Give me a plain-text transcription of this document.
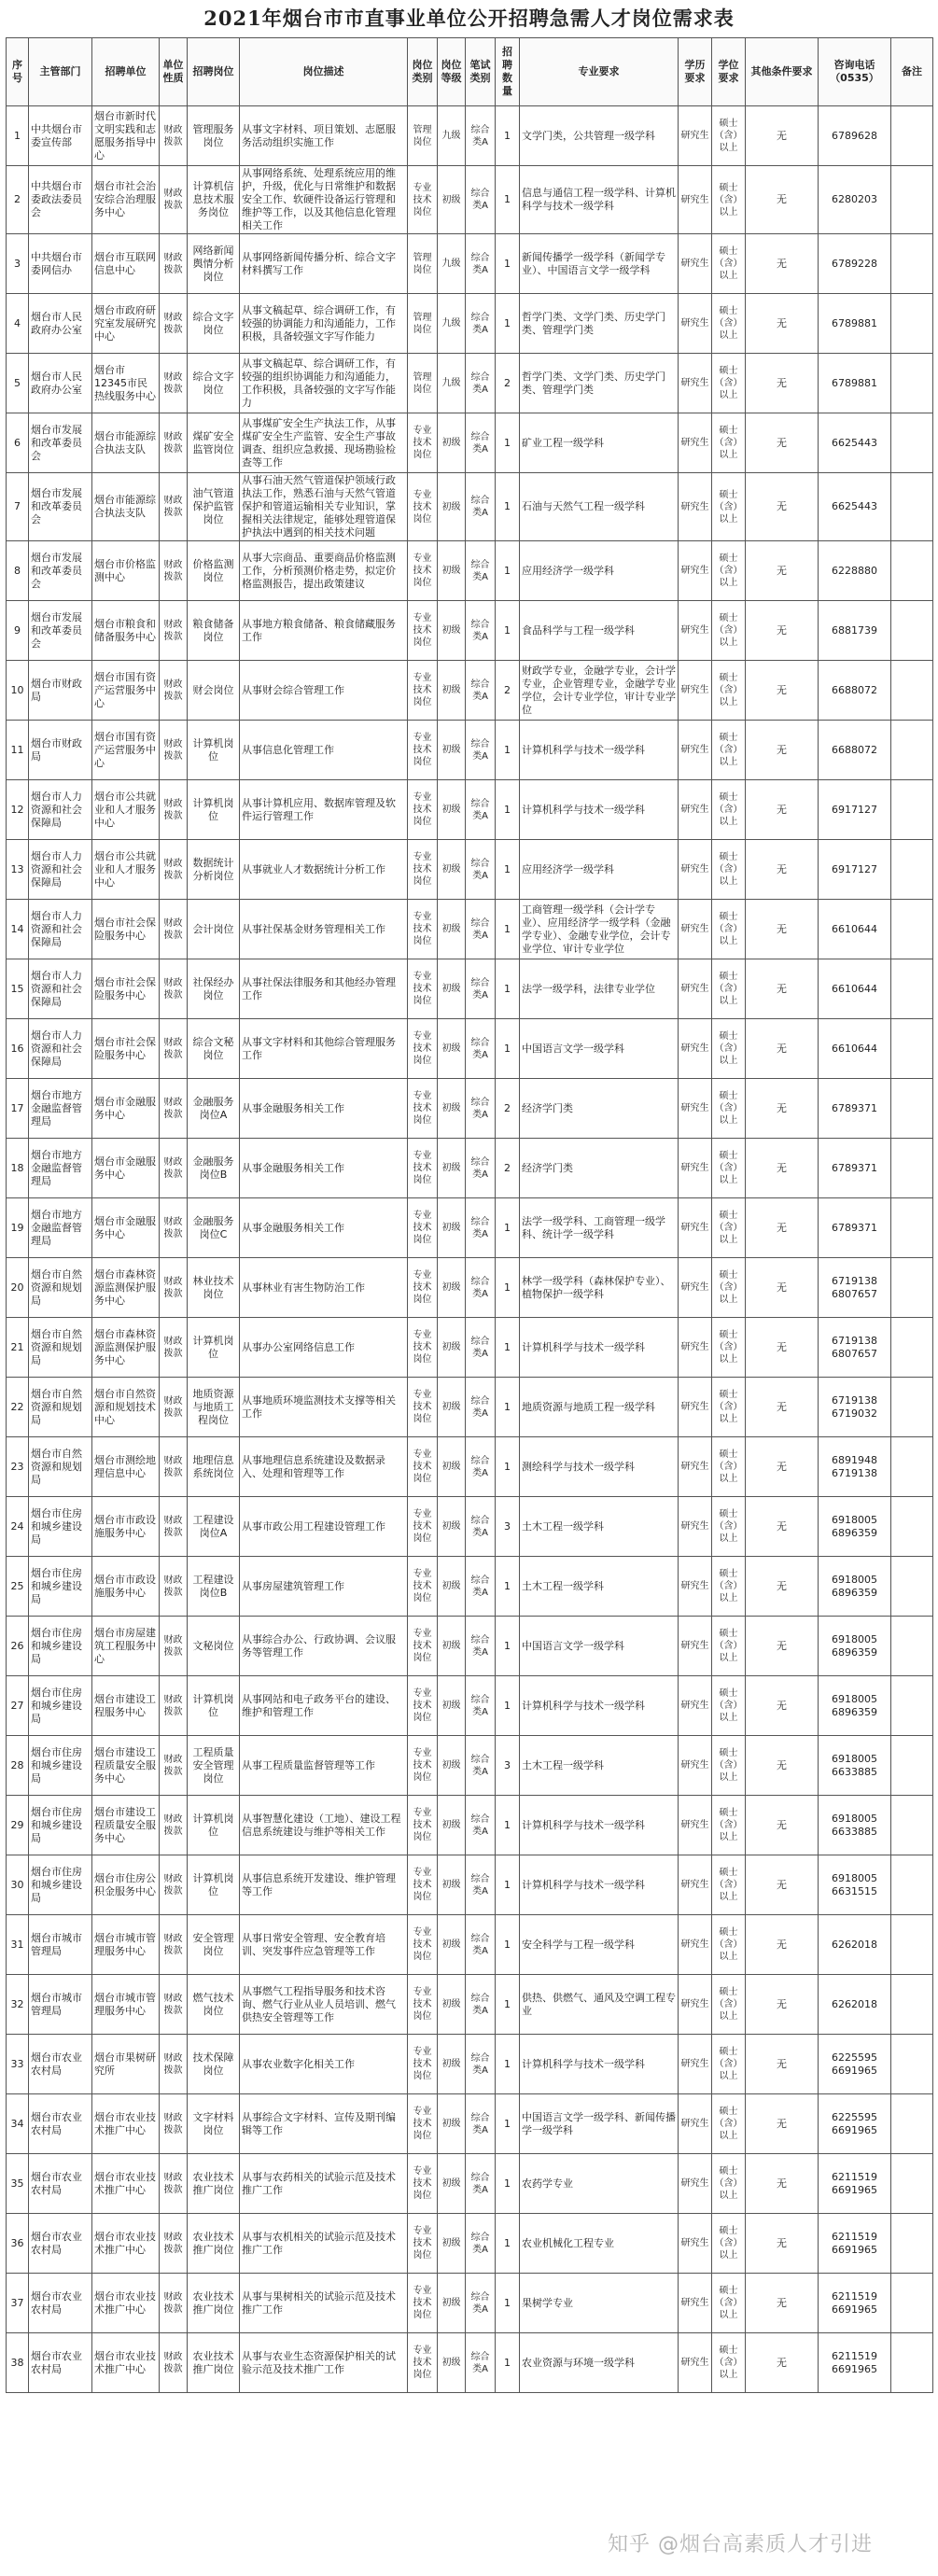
2021年烟台市市直事业单位公开招聘急需人才岗位需求表
序号	主管部门	招聘单位	单位性质	招聘岗位	岗位描述	岗位类别	岗位等级	笔试类别	招聘数量	专业要求	学历要求	学位要求	其他条件要求	咨询电话（0535）	备注
1	中共烟台市委宣传部	烟台市新时代文明实践和志愿服务指导中心	财政拨款	管理服务岗位	从事文字材料、项目策划、志愿服务活动组织实施工作	管理岗位	九级	综合类A	1	文学门类，公共管理一级学科	研究生	硕士（含）以上	无	6789628	
2	中共烟台市委政法委员会	烟台市社会治安综合治理服务中心	财政拨款	计算机信息技术服务岗位	从事网络系统、处理系统应用的维护，升级，优化与日常维护和数据安全工作、软硬件设备运行管理和维护等工作，以及其他信息化管理相关工作	专业技术岗位	初级	综合类A	1	信息与通信工程一级学科、计算机科学与技术一级学科	研究生	硕士（含）以上	无	6280203	
3	中共烟台市委网信办	烟台市互联网信息中心	财政拨款	网络新闻舆情分析岗位	从事网络新闻传播分析、综合文字材料撰写工作	管理岗位	九级	综合类A	1	新闻传播学一级学科（新闻学专业）、中国语言文学一级学科	研究生	硕士（含）以上	无	6789228	
4	烟台市人民政府办公室	烟台市政府研究室发展研究中心	财政拨款	综合文字岗位	从事文稿起草、综合调研工作，有较强的协调能力和沟通能力，工作积极，具备较强文字写作能力	管理岗位	九级	综合类A	1	哲学门类、文学门类、历史学门类、管理学门类	研究生	硕士（含）以上	无	6789881	
5	烟台市人民政府办公室	烟台市12345市民热线服务中心	财政拨款	综合文字岗位	从事文稿起草、综合调研工作，有较强的组织协调能力和沟通能力，工作积极，具备较强的文字写作能力	管理岗位	九级	综合类A	2	哲学门类、文学门类、历史学门类、管理学门类	研究生	硕士（含）以上	无	6789881	
6	烟台市发展和改革委员会	烟台市能源综合执法支队	财政拨款	煤矿安全监管岗位	从事煤矿安全生产执法工作，从事煤矿安全生产监管、安全生产事故调查、组织应急救援、现场勘验检查等工作	专业技术岗位	初级	综合类A	1	矿业工程一级学科	研究生	硕士（含）以上	无	6625443	
7	烟台市发展和改革委员会	烟台市能源综合执法支队	财政拨款	油气管道保护监管岗位	从事石油天然气管道保护领域行政执法工作，熟悉石油与天然气管道保护和管道运输相关专业知识，掌握相关法律规定，能够处理管道保护执法中遇到的相关技术问题	专业技术岗位	初级	综合类A	1	石油与天然气工程一级学科	研究生	硕士（含）以上	无	6625443	
8	烟台市发展和改革委员会	烟台市价格监测中心	财政拨款	价格监测岗位	从事大宗商品、重要商品价格监测工作，分析预测价格走势，拟定价格监测报告，提出政策建议	专业技术岗位	初级	综合类A	1	应用经济学一级学科	研究生	硕士（含）以上	无	6228880	
9	烟台市发展和改革委员会	烟台市粮食和储备服务中心	财政拨款	粮食储备岗位	从事地方粮食储备、粮食储藏服务工作	专业技术岗位	初级	综合类A	1	食品科学与工程一级学科	研究生	硕士（含）以上	无	6881739	
10	烟台市财政局	烟台市国有资产运营服务中心	财政拨款	财会岗位	从事财会综合管理工作	专业技术岗位	初级	综合类A	2	财政学专业，金融学专业，会计学专业，企业管理专业，金融学专业学位，会计专业学位，审计专业学位	研究生	硕士（含）以上	无	6688072	
11	烟台市财政局	烟台市国有资产运营服务中心	财政拨款	计算机岗位	从事信息化管理工作	专业技术岗位	初级	综合类A	1	计算机科学与技术一级学科	研究生	硕士（含）以上	无	6688072	
12	烟台市人力资源和社会保障局	烟台市公共就业和人才服务中心	财政拨款	计算机岗位	从事计算机应用、数据库管理及软件运行管理工作	专业技术岗位	初级	综合类A	1	计算机科学与技术一级学科	研究生	硕士（含）以上	无	6917127	
13	烟台市人力资源和社会保障局	烟台市公共就业和人才服务中心	财政拨款	数据统计分析岗位	从事就业人才数据统计分析工作	专业技术岗位	初级	综合类A	1	应用经济学一级学科	研究生	硕士（含）以上	无	6917127	
14	烟台市人力资源和社会保障局	烟台市社会保险服务中心	财政拨款	会计岗位	从事社保基金财务管理相关工作	专业技术岗位	初级	综合类A	1	工商管理一级学科（会计学专业）、应用经济学一级学科（金融学专业）、金融专业学位，会计专业学位、审计专业学位	研究生	硕士（含）以上	无	6610644	
15	烟台市人力资源和社会保障局	烟台市社会保险服务中心	财政拨款	社保经办岗位	从事社保法律服务和其他经办管理工作	专业技术岗位	初级	综合类A	1	法学一级学科，法律专业学位	研究生	硕士（含）以上	无	6610644	
16	烟台市人力资源和社会保障局	烟台市社会保险服务中心	财政拨款	综合文秘岗位	从事文字材料和其他综合管理服务工作	专业技术岗位	初级	综合类A	1	中国语言文学一级学科	研究生	硕士（含）以上	无	6610644	
17	烟台市地方金融监督管理局	烟台市金融服务中心	财政拨款	金融服务岗位A	从事金融服务相关工作	专业技术岗位	初级	综合类A	2	经济学门类	研究生	硕士（含）以上	无	6789371	
18	烟台市地方金融监督管理局	烟台市金融服务中心	财政拨款	金融服务岗位B	从事金融服务相关工作	专业技术岗位	初级	综合类A	2	经济学门类	研究生	硕士（含）以上	无	6789371	
19	烟台市地方金融监督管理局	烟台市金融服务中心	财政拨款	金融服务岗位C	从事金融服务相关工作	专业技术岗位	初级	综合类A	1	法学一级学科、工商管理一级学科、统计学一级学科	研究生	硕士（含）以上	无	6789371	
20	烟台市自然资源和规划局	烟台市森林资源监测保护服务中心	财政拨款	林业技术岗位	从事林业有害生物防治工作	专业技术岗位	初级	综合类A	1	林学一级学科（森林保护专业）、植物保护一级学科	研究生	硕士（含）以上	无	6719138 6807657	
21	烟台市自然资源和规划局	烟台市森林资源监测保护服务中心	财政拨款	计算机岗位	从事办公室网络信息工作	专业技术岗位	初级	综合类A	1	计算机科学与技术一级学科	研究生	硕士（含）以上	无	6719138 6807657	
22	烟台市自然资源和规划局	烟台市自然资源和规划技术中心	财政拨款	地质资源与地质工程岗位	从事地质环境监测技术支撑等相关工作	专业技术岗位	初级	综合类A	1	地质资源与地质工程一级学科	研究生	硕士（含）以上	无	6719138 6719032	
23	烟台市自然资源和规划局	烟台市测绘地理信息中心	财政拨款	地理信息系统岗位	从事地理信息系统建设及数据录入、处理和管理等工作	专业技术岗位	初级	综合类A	1	测绘科学与技术一级学科	研究生	硕士（含）以上	无	6891948 6719138	
24	烟台市住房和城乡建设局	烟台市市政设施服务中心	财政拨款	工程建设岗位A	从事市政公用工程建设管理工作	专业技术岗位	初级	综合类A	3	土木工程一级学科	研究生	硕士（含）以上	无	6918005 6896359	
25	烟台市住房和城乡建设局	烟台市市政设施服务中心	财政拨款	工程建设岗位B	从事房屋建筑管理工作	专业技术岗位	初级	综合类A	1	土木工程一级学科	研究生	硕士（含）以上	无	6918005 6896359	
26	烟台市住房和城乡建设局	烟台市房屋建筑工程服务中心	财政拨款	文秘岗位	从事综合办公、行政协调、会议服务等管理工作	专业技术岗位	初级	综合类A	1	中国语言文学一级学科	研究生	硕士（含）以上	无	6918005 6896359	
27	烟台市住房和城乡建设局	烟台市建设工程服务中心	财政拨款	计算机岗位	从事网站和电子政务平台的建设、维护和管理工作	专业技术岗位	初级	综合类A	1	计算机科学与技术一级学科	研究生	硕士（含）以上	无	6918005 6896359	
28	烟台市住房和城乡建设局	烟台市建设工程质量安全服务中心	财政拨款	工程质量安全管理岗位	从事工程质量监督管理等工作	专业技术岗位	初级	综合类A	3	土木工程一级学科	研究生	硕士（含）以上	无	6918005 6633885	
29	烟台市住房和城乡建设局	烟台市建设工程质量安全服务中心	财政拨款	计算机岗位	从事智慧化建设（工地）、建设工程信息系统建设与维护等相关工作	专业技术岗位	初级	综合类A	1	计算机科学与技术一级学科	研究生	硕士（含）以上	无	6918005 6633885	
30	烟台市住房和城乡建设局	烟台市住房公积金服务中心	财政拨款	计算机岗位	从事信息系统开发建设、维护管理等工作	专业技术岗位	初级	综合类A	1	计算机科学与技术一级学科	研究生	硕士（含）以上	无	6918005 6631515	
31	烟台市城市管理局	烟台市城市管理服务中心	财政拨款	安全管理岗位	从事日常安全管理、安全教育培训、突发事件应急管理等工作	专业技术岗位	初级	综合类A	1	安全科学与工程一级学科	研究生	硕士（含）以上	无	6262018	
32	烟台市城市管理局	烟台市城市管理服务中心	财政拨款	燃气技术岗位	从事燃气工程指导服务和技术咨询、燃气行业从业人员培训、燃气供热安全管理等工作	专业技术岗位	初级	综合类A	1	供热、供燃气、通风及空调工程专业	研究生	硕士（含）以上	无	6262018	
33	烟台市农业农村局	烟台市果树研究所	财政拨款	技术保障岗位	从事农业数字化相关工作	专业技术岗位	初级	综合类A	1	计算机科学与技术一级学科	研究生	硕士（含）以上	无	6225595 6691965	
34	烟台市农业农村局	烟台市农业技术推广中心	财政拨款	文字材料岗位	从事综合文字材料、宣传及期刊编辑等工作	专业技术岗位	初级	综合类A	1	中国语言文学一级学科、新闻传播学一级学科	研究生	硕士（含）以上	无	6225595 6691965	
35	烟台市农业农村局	烟台市农业技术推广中心	财政拨款	农业技术推广岗位	从事与农药相关的试验示范及技术推广工作	专业技术岗位	初级	综合类A	1	农药学专业	研究生	硕士（含）以上	无	6211519 6691965	
36	烟台市农业农村局	烟台市农业技术推广中心	财政拨款	农业技术推广岗位	从事与农机相关的试验示范及技术推广工作	专业技术岗位	初级	综合类A	1	农业机械化工程专业	研究生	硕士（含）以上	无	6211519 6691965	
37	烟台市农业农村局	烟台市农业技术推广中心	财政拨款	农业技术推广岗位	从事与果树相关的试验示范及技术推广工作	专业技术岗位	初级	综合类A	1	果树学专业	研究生	硕士（含）以上	无	6211519 6691965	
38	烟台市农业农村局	烟台市农业技术推广中心	财政拨款	农业技术推广岗位	从事与农业生态资源保护相关的试验示范及技术推广工作	专业技术岗位	初级	综合类A	1	农业资源与环境一级学科	研究生	硕士（含）以上	无	6211519 6691965	
知乎 @烟台高素质人才引进
